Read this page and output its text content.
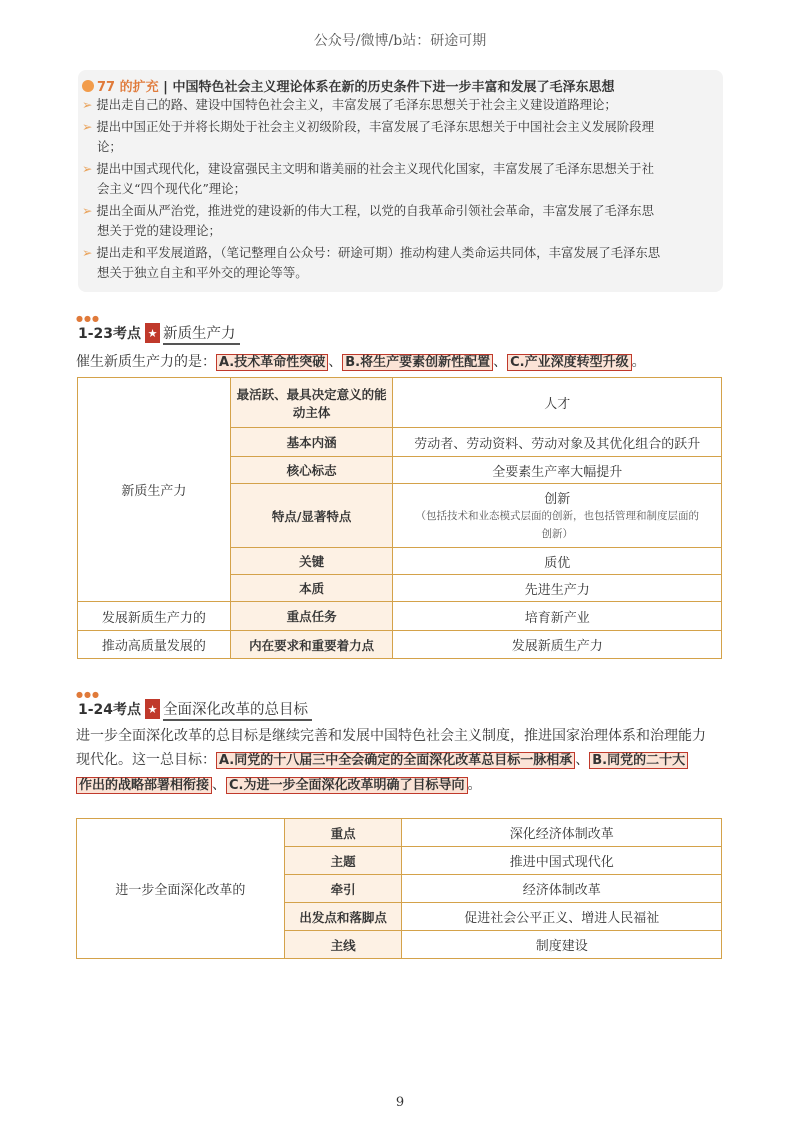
公众号/微博/b站：研途可期
77 的扩充 | 中国特色社会主义理论体系在新的历史条件下进一步丰富和发展了毛泽东思想
➢ 提出走自己的路、建设中国特色社会主义，丰富发展了毛泽东思想关于社会主义建设道路理论；
➢ 提出中国正处于并将长期处于社会主义初级阶段，丰富发展了毛泽东思想关于中国社会主义发展阶段理
论；
➢ 提出中国式现代化，建设富强民主文明和谐美丽的社会主义现代化国家，丰富发展了毛泽东思想关于社
会主义“四个现代化”理论；
➢ 提出全面从严治党，推进党的建设新的伟大工程，以党的自我革命引领社会革命，丰富发展了毛泽东思
想关于党的建设理论；
➢ 提出走和平发展道路，（笔记整理自公众号：研途可期）推动构建人类命运共同体，丰富发展了毛泽东思
想关于独立自主和平外交的理论等等。
●●●
1-23考点 ★ 新质生产力
催生新质生产力的是： A.技术革命性突破 、 B.将生产要素创新性配置 、 C.产业深度转型升级 。
新质生产力	最活跃、最具决定意义的能动主体	人才
	基本内涵	劳动者、劳动资料、劳动对象及其优化组合的跃升
	核心标志	全要素生产率大幅提升
	特点/显著特点	创新
（包括技术和业态模式层面的创新，也包括管理和制度层面的创新）

	关键	质优
	本质	先进生产力
发展新质生产力的	重点任务	培育新产业
推动高质量发展的	内在要求和重要着力点	发展新质生产力
●●●
1-24考点 ★ 全面深化改革的总目标
进一步全面深化改革的总目标是继续完善和发展中国特色社会主义制度，推进国家治理体系和治理能力
现代化。这一总目标： A.同党的十八届三中全会确定的全面深化改革总目标一脉相承 、 B.同党的二十大
作出的战略部署相衔接 、 C.为进一步全面深化改革明确了目标导向 。
进一步全面深化改革的	重点	深化经济体制改革
	主题	推进中国式现代化
	牵引	经济体制改革
	出发点和落脚点	促进社会公平正义、增进人民福祉
	主线	制度建设
9
